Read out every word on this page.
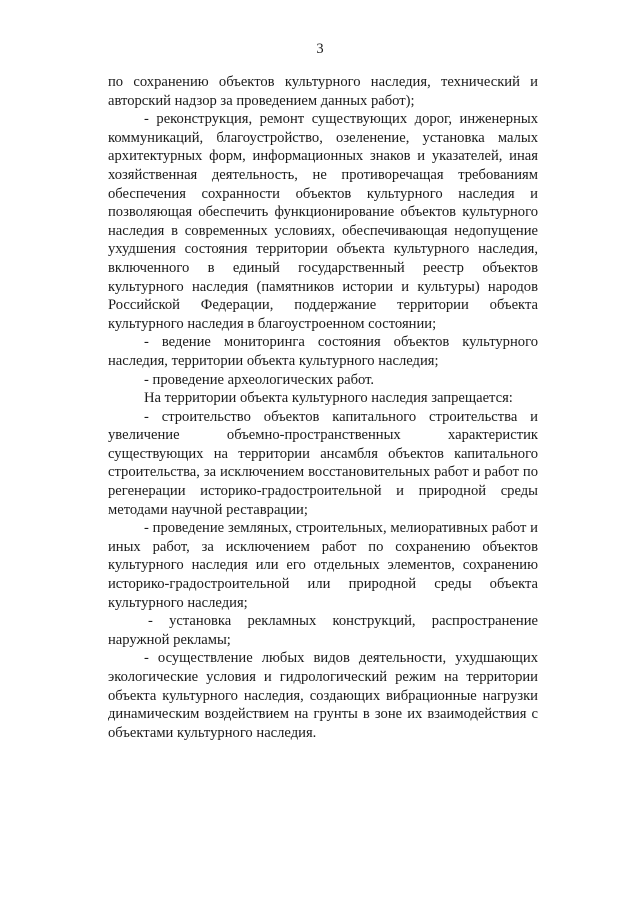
3

по сохранению объектов культурного наследия, технический и авторский надзор за проведением данных работ);

- реконструкция, ремонт существующих дорог, инженерных коммуникаций, благоустройство, озеленение, установка малых архитектурных форм, информационных знаков и указателей, иная хозяйственная деятельность, не противоречащая требованиям обеспечения сохранности объектов культурного наследия и позволяющая обеспечить функционирование объектов культурного наследия в современных условиях, обеспечивающая недопущение ухудшения состояния территории объекта культурного наследия, включенного в единый государственный реестр объектов культурного наследия (памятников истории и культуры) народов Российской Федерации, поддержание территории объекта культурного наследия в благоустроенном состоянии;

- ведение мониторинга состояния объектов культурного наследия, территории объекта культурного наследия;

- проведение археологических работ.

На территории объекта культурного наследия запрещается:

- строительство объектов капитального строительства и увеличение объемно-пространственных характеристик существующих на территории ансамбля объектов капитального строительства, за исключением восстановительных работ и работ по регенерации историко-градостроительной и природной среды методами научной реставрации;

- проведение земляных, строительных, мелиоративных работ и иных работ, за исключением работ по сохранению объектов культурного наследия или его отдельных элементов, сохранению историко-градостроительной или природной среды объекта культурного наследия;

- установка рекламных конструкций, распространение наружной рекламы;

- осуществление любых видов деятельности, ухудшающих экологические условия и гидрологический режим на территории объекта культурного наследия, создающих вибрационные нагрузки динамическим воздействием на грунты в зоне их взаимодействия с объектами культурного наследия.
